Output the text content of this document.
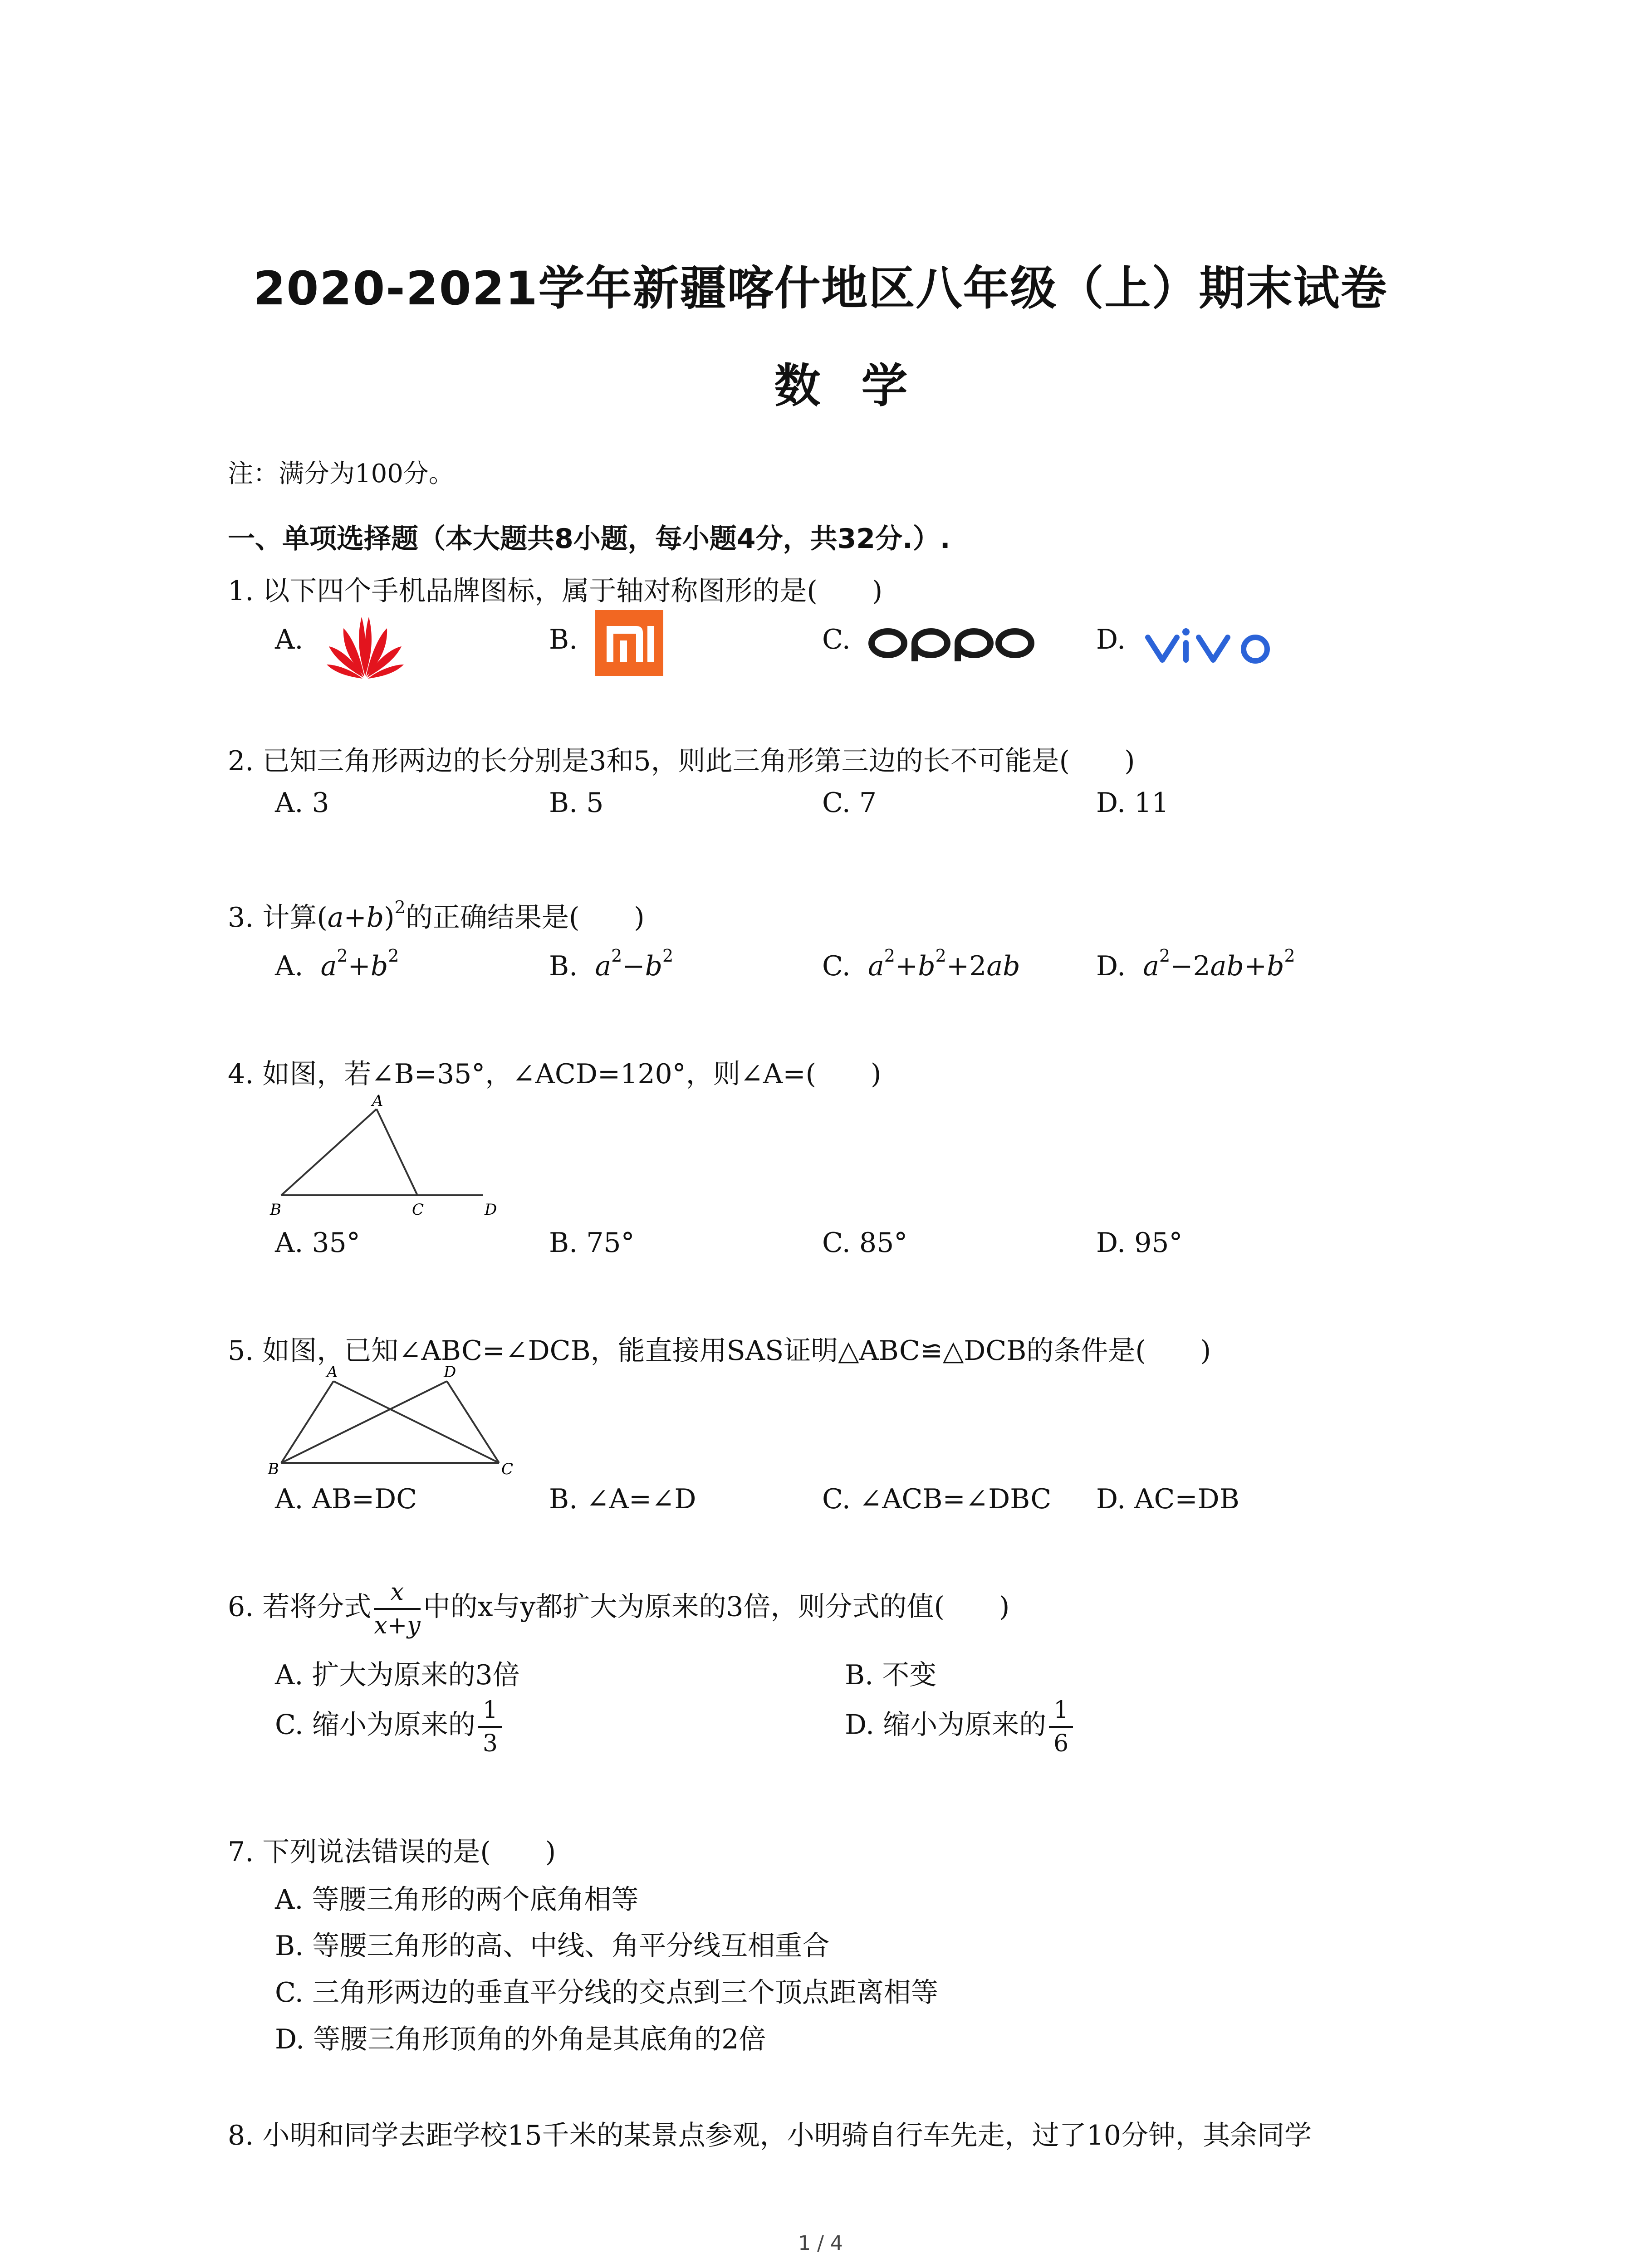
2020-2021学年新疆喀什地区八年级（上）期末试卷
数学
注：满分为100分。
一、单项选择题（本大题共8小题，每小题4分，共32分.）.
1. 以下四个手机品牌图标，属于轴对称图形的是(　　)
A.	B.	C.	D.
2. 已知三角形两边的长分别是3和5，则此三角形第三边的长不可能是(　　)
A. 3	B. 5	C. 7	D. 11
3. 计算$(a+b)^2$的正确结果是(　　)
A. $a^2+b^2$	B. $a^2-b^2$	C. $a^2+b^2+2ab$	D. $a^2-2ab+b^2$
4. 如图，若∠B=35°，∠ACD=120°，则∠A=(　　)
A
B	C	D
A. 35°	B. 75°	C. 85°	D. 95°
5. 如图，已知∠ABC=∠DCB，能直接用SAS证明△ABC≌△DCB的条件是(　　)
A	D
B	C
A. AB=DC	B. ∠A=∠D	C. ∠ACB=∠DBC D. AC=DB
6. 若将分式 $\frac{x}{x+y}$ 中的x与y都扩大为原来的3倍，则分式的值(　　)
A. 扩大为原来的3倍	B. 不变
C. 缩小为原来的 $\frac{1}{3}$	D. 缩小为原来的 $\frac{1}{6}$
7. 下列说法错误的是(　　)
A. 等腰三角形的两个底角相等
B. 等腰三角形的高、中线、角平分线互相重合
C. 三角形两边的垂直平分线的交点到三个顶点距离相等
D. 等腰三角形顶角的外角是其底角的2倍
8. 小明和同学去距学校15千米的某景点参观，小明骑自行车先走，过了10分钟，其余同学
1 / 4
